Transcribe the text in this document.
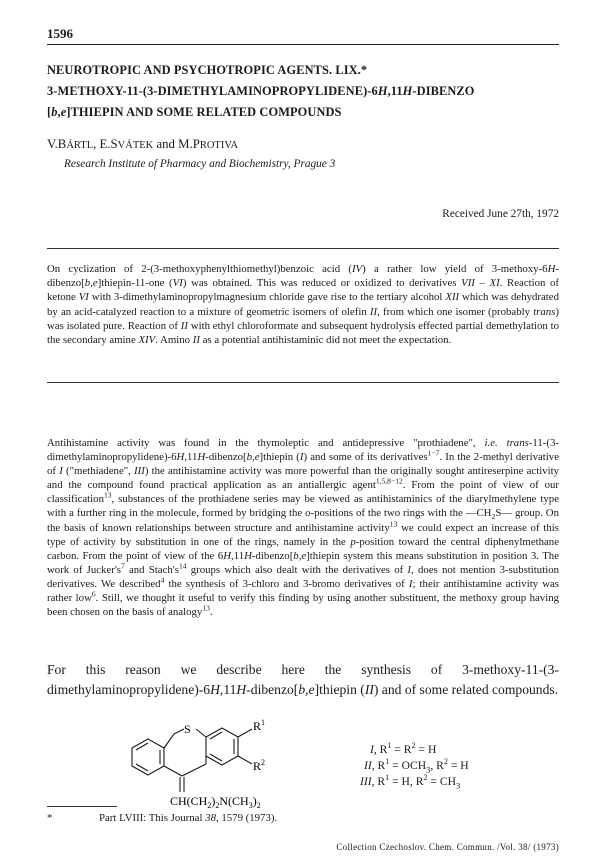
1596
NEUROTROPIC AND PSYCHOTROPIC AGENTS. LIX.*
3-METHOXY-11-(3-DIMETHYLAMINOPROPYLIDENE)-6H,11H-DIBENZO
[b,e]THIEPIN AND SOME RELATED COMPOUNDS
V.BÁRTL, E.SVÁTEK and M.PROTIVA
Research Institute of Pharmacy and Biochemistry, Prague 3
Received June 27th, 1972

On cyclization of 2-(3-methoxyphenylthiomethyl)benzoic acid (IV) a rather low yield of 3-methoxy-6H-dibenzo[b,e]thiepin-11-one (VI) was obtained. This was reduced or oxidized to derivatives VII – XI. Reaction of ketone VI with 3-dimethylaminopropylmagnesium chloride gave rise to the tertiary alcohol XII which was dehydrated by an acid-catalyzed reaction to a mixture of geometric isomers of olefin II, from which one isomer (probably trans) was isolated pure. Reaction of II with ethyl chloroformate and subsequent hydrolysis effected partial demethylation to the secondary amine XIV. Amino II as a potential antihistaminic did not meet the expectation.

Antihistamine activity was found in the thymoleptic and antidepressive "prothiadene", i.e. trans-11-(3-dimethylaminopropylidene)-6H,11H-dibenzo[b,e]thiepin (I) and some of its derivatives$^{1-7}$. In the 2-methyl derivative of I ("methiadene", III) the antihistamine activity was more powerful than the originally sought antireserpine activity and the compound found practical application as an antiallergic agent$^{1,5,8-12}$. From the point of view of our classification$^{13}$, substances of the prothiadene series may be viewed as antihistaminics of the diarylmethylene type with a further ring in the molecule, formed by bridging the o-positions of the two rings with the $—CH_2S—$ group. On the basis of known relationships between structure and antihistamine activity$^{13}$ we could expect an increase of this type of activity by substitution in one of the rings, namely in the p-position toward the central diphenylmethane carbon. From the point of view of the 6H,11H-dibenzo[b,e]thiepin system this means substitution in position 3. The work of $Jucker's^7$ and $Stach's^{14}$ groups which also dealt with the derivatives of I, does not mention 3-substitution derivatives. We described$^4$ the synthesis of 3-chloro and 3-bromo derivatives of I; their antihistamine activity was rather low$^6$. Still, we thought it useful to verify this finding by using another substituent, the methoxy group having been chosen on the basis of analogy$^{13}$.

For this reason we describe here the synthesis of 3-methoxy-11-(3-dimethylaminopropylidene)-6H,11H-dibenzo[b,e]thiepin (II) and of some related compounds.

S	$R^1$
$R^2$
$CH(CH_2)_2N(CH_3)_2$
I, $R^1 = R^2 = H$
II, $R^1 = OCH_3$, $R^2 = H$
III, $R^1 = H$, $R^2 = CH_3$
*	Part LVIII: This Journal 38, 1579 (1973).
Collection Czechoslov. Chem. Commun. /Vol. 38/ (1973)
